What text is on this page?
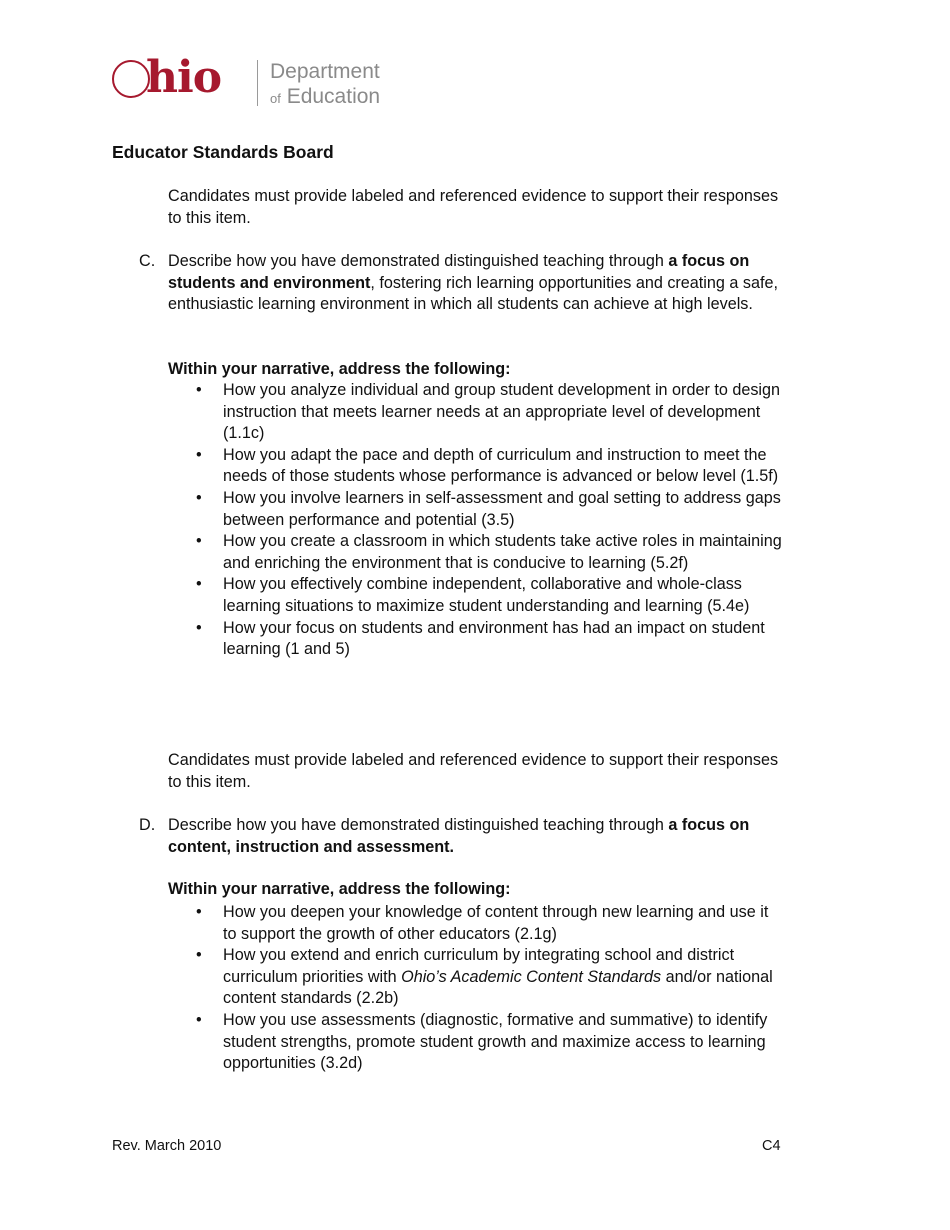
hio Department
of Education
Educator Standards Board
Candidates must provide labeled and referenced evidence to support their responses to this item.
C. Describe how you have demonstrated distinguished teaching through a focus on students and environment, fostering rich learning opportunities and creating a safe, enthusiastic learning environment in which all students can achieve at high levels.
Within your narrative, address the following:
•	How you analyze individual and group student development in order to design instruction that meets learner needs at an appropriate level of development (1.1c)
•	How you adapt the pace and depth of curriculum and instruction to meet the needs of those students whose performance is advanced or below level (1.5f)
•	How you involve learners in self-assessment and goal setting to address gaps between performance and potential (3.5)
•	How you create a classroom in which students take active roles in maintaining and enriching the environment that is conducive to learning (5.2f)
•	How you effectively combine independent, collaborative and whole-class learning situations to maximize student understanding and learning (5.4e)
•	How your focus on students and environment has had an impact on student learning (1 and 5)
Candidates must provide labeled and referenced evidence to support their responses to this item.
D. Describe how you have demonstrated distinguished teaching through a focus on content, instruction and assessment.
Within your narrative, address the following:
•	How you deepen your knowledge of content through new learning and use it to support the growth of other educators (2.1g)
•	How you extend and enrich curriculum by integrating school and district curriculum priorities with Ohio’s Academic Content Standards and/or national content standards (2.2b)
•	How you use assessments (diagnostic, formative and summative) to identify student strengths, promote student growth and maximize access to learning opportunities (3.2d)
Rev. March 2010	C4
